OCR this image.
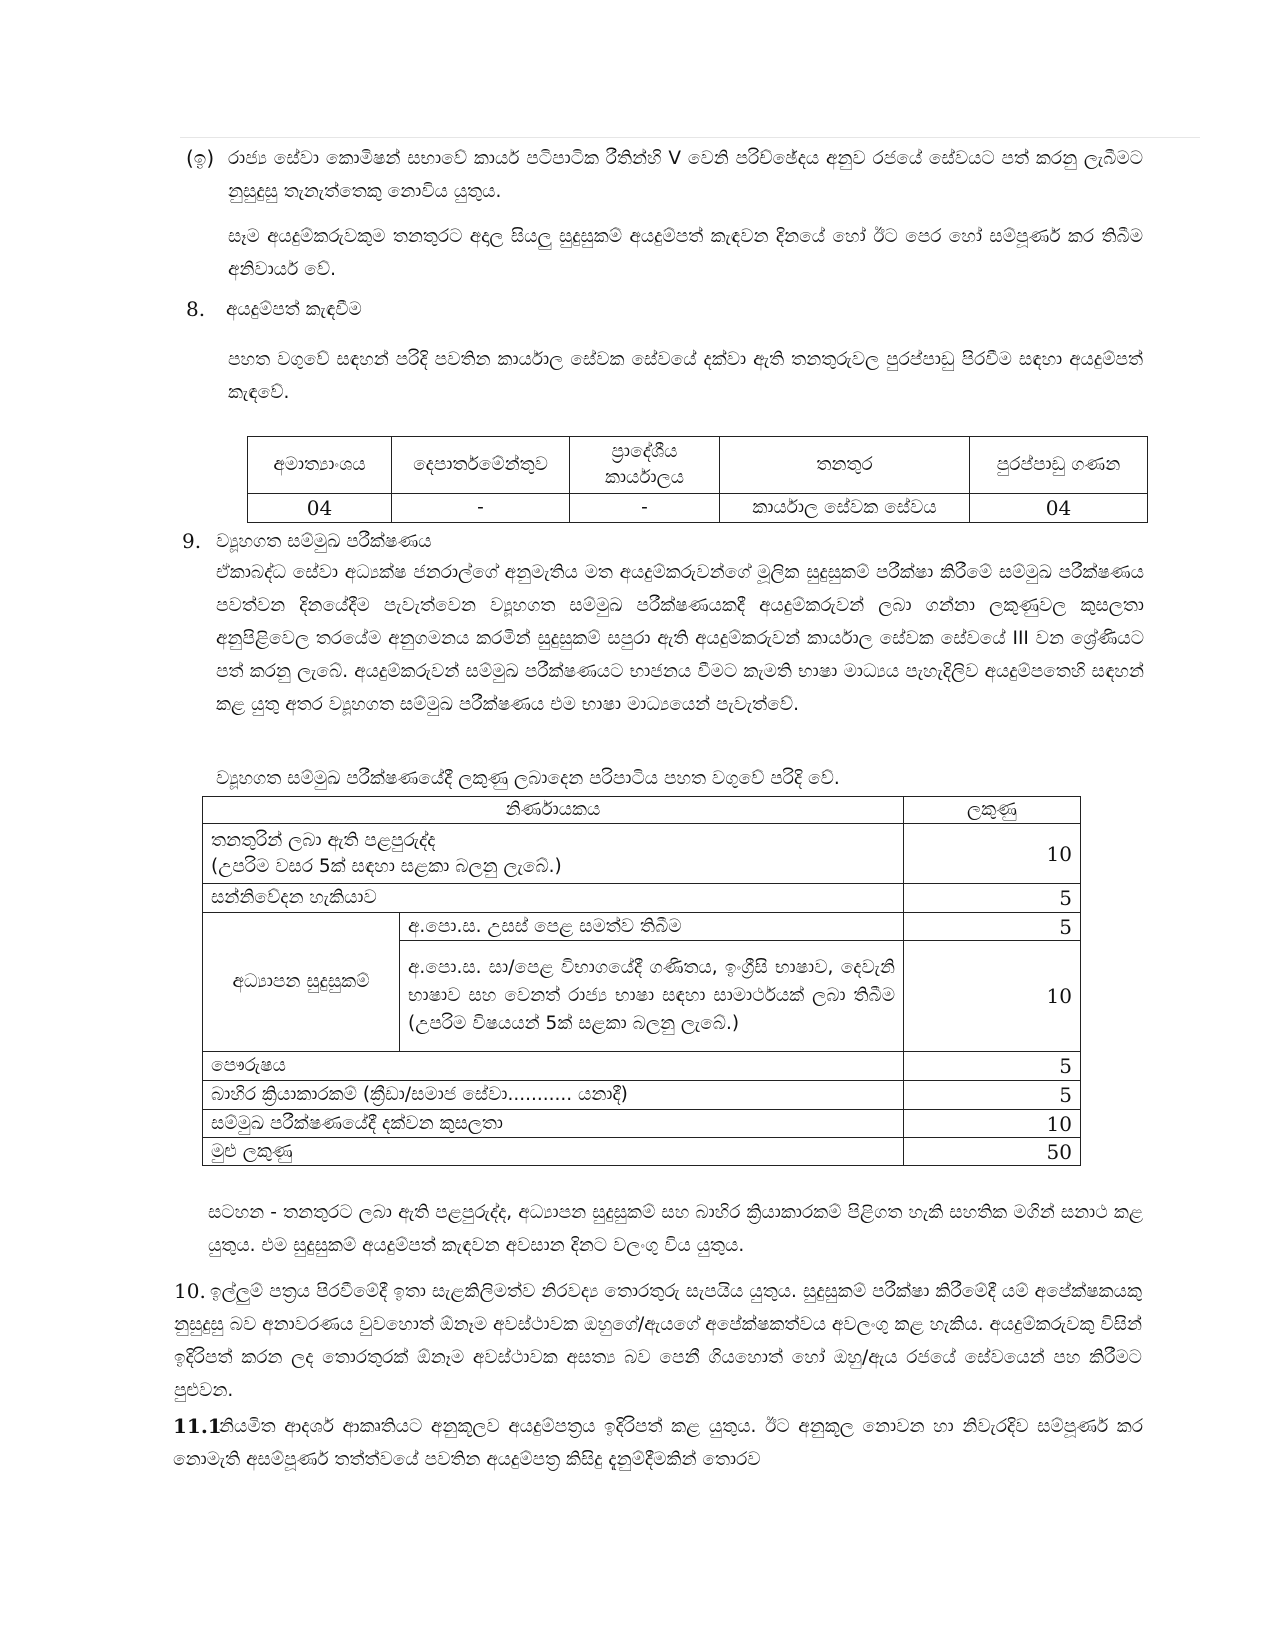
(ඉ) රාජ්‍ය සේවා කොමිෂන් සභාවේ කාර්ය පටිපාටික රීතින්හි V වෙනි පරිච්ඡේදය අනුව රජයේ සේවයට පත් කරනු ලැබීමට නුසුදුසු තැනැත්තෙකු නොවිය යුතුය.

සෑම අයදුම්කරුවකුම තනතුරට අදාල සියලු සුදුසුකම් අයදුම්පත් කැඳවන දිනයේ හෝ ඊට පෙර හෝ සම්පූර්ණ කර තිබීම අනිවාර්ය වේ.

8. අයදුම්පත් කැඳවීම

පහත වගුවේ සඳහන් පරිදි පවතින කාර්යාල සේවක සේවයේ දක්වා ඇති තනතුරුවල පුරප්පාඩු පිරවීම සඳහා අයදුම්පත් කැඳවේ.

අමාත්‍යාංශය	දෙපාර්තමේන්තුව	ප්‍රාදේශීය කාර්යාලය	තනතුර	පුරප්පාඩු ගණන
04	-	-	කාර්යාල සේවක සේවය	04
9. ව්‍යූහගත සම්මුඛ පරීක්ෂණය

ඒකාබද්ධ සේවා අධ්‍යක්ෂ ජනරාල්ගේ අනුමැතිය මත අයදුම්කරුවන්ගේ මූලික සුදුසුකම් පරීක්ෂා කිරීමේ සම්මුඛ පරීක්ෂණය පවත්වන දිනයේදීම පැවැත්වෙන ව්‍යූහගත සම්මුඛ පරීක්ෂණයකදී අයදුම්කරුවන් ලබා ගන්නා ලකුණුවල කුසලතා අනුපිළිවෙල තරයේම අනුගමනය කරමින් සුදුසුකම් සපුරා ඇති අයදුම්කරුවන් කාර්යාල සේවක සේවයේ III වන ශ්‍රේණියට පත් කරනු ලැබේ. අයදුම්කරුවන් සම්මුඛ පරීක්ෂණයට භාජනය වීමට කැමති භාෂා මාධ්‍යය පැහැදිලිව අයදුම්පතෙහි සඳහන් කළ යුතු අතර ව්‍යූහගත සම්මුඛ පරීක්ෂණය එම භාෂා මාධ්‍යයෙන් පැවැත්වේ.

ව්‍යූහගත සම්මුඛ පරීක්ෂණයේදී ලකුණු ලබාදෙන පරිපාටිය පහත වගුවේ පරිදි වේ.

නිර්ණායකය		ලකුණු
තනතුරින් ලබා ඇති පළපුරුද්ද
(උපරිම වසර 5ක් සඳහා සළකා බලනු ලැබේ.)		10
සන්නිවේදන හැකියාව		5
අධ්‍යාපන සුදුසුකම්	අ.පො.ස. උසස් පෙළ සමත්ව තිබීම	5
	අ.පො.ස. සා/පෙළ විභාගයේදී ගණිතය, ඉංග්‍රීසි භාෂාව, දෙවැනි භාෂාව සහ වෙනත් රාජ්‍ය භාෂා සඳහා සාමාර්ථයක් ලබා තිබීම (උපරිම විෂයයන් 5ක් සළකා බලනු ලැබේ.)	10
පෞරුෂය		5
බාහිර ක්‍රියාකාරකම් (ක්‍රීඩා/සමාජ සේවා........... යනාදී)		5
සම්මුඛ පරීක්ෂණයේදී දක්වන කුසලතා		10
මුළු ලකුණු		50

සටහන - තනතුරට ලබා ඇති පළපුරුද්ද, අධ්‍යාපන සුදුසුකම් සහ බාහිර ක්‍රියාකාරකම් පිළිගත හැකි සහතික මගින් සනාථ කළ යුතුය. එම සුදුසුකම් අයදුම්පත් කැඳවන අවසාන දිනට වලංගු විය යුතුය.

10. ඉල්ලුම් පත්‍රය පිරවීමේදී ඉතා සැළකිලිමත්ව නිරවද්‍ය තොරතුරු සැපයිය යුතුය. සුදුසුකම් පරීක්ෂා කිරීමේදී යම් අපේක්ෂකයකු නුසුදුසු බව අනාවරණය වුවහොත් ඕනෑම අවස්ථාවක ඔහුගේ/ඇයගේ අපේක්ෂකත්වය අවලංගු කළ හැකිය. අයදුම්කරුවකු විසින් ඉදිරිපත් කරන ලද තොරතුරක් ඕනෑම අවස්ථාවක අසත්‍ය බව පෙනී ගියහොත් හෝ ඔහු/ඇය රජයේ සේවයෙන් පහ කිරීමට පුළුවන.

11.1

නියමිත ආදර්ශ ආකෘතියට අනුකූලව අයදුම්පත්‍රය ඉදිරිපත් කළ යුතුය. ඊට අනුකූල නොවන හා නිවැරදිව සම්පූර්ණ කර නොමැති අසම්පූර්ණ තත්ත්වයේ පවතින අයදුම්පත්‍ර කිසිදු දැනුම්දීමකින් තොරව
